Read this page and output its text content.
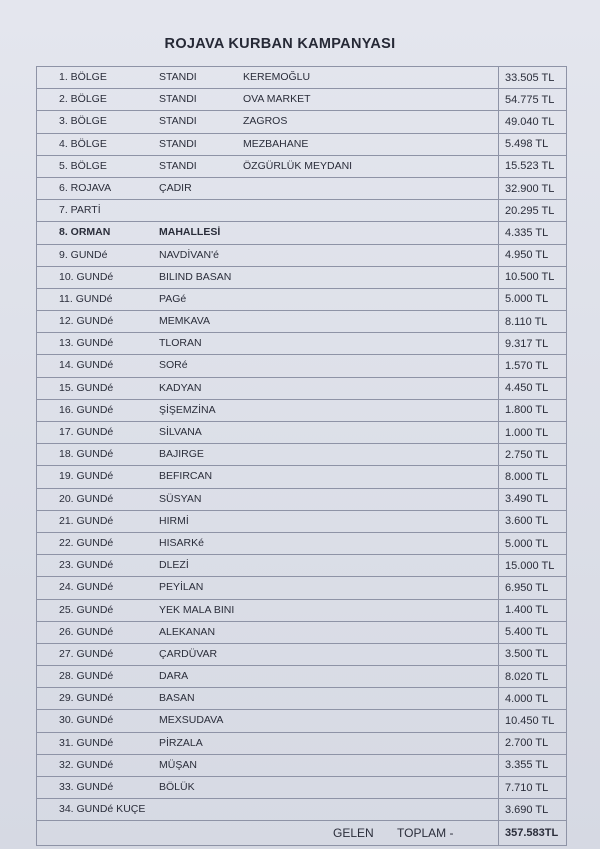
ROJAVA KURBAN KAMPANYASI
1. BÖLGE STANDI KEREMOĞLU	33.505 TL

2. BÖLGE STANDI OVA MARKET	54.775 TL

3. BÖLGE STANDI ZAGROS	49.040 TL

4. BÖLGE STANDI MEZBAHANE	5.498 TL

5. BÖLGE STANDI ÖZGÜRLÜK MEYDANI	15.523 TL

6. ROJAVA ÇADIR	32.900 TL

7. PARTİ	20.295 TL

8. ORMAN MAHALLESİ	4.335 TL

9. GUNDé NAVDİVAN'é	4.950 TL

10. GUNDé BILIND BASAN	10.500 TL

11. GUNDé PAGé	5.000 TL

12. GUNDé MEMKAVA	8.110 TL

13. GUNDé TLORAN	9.317 TL

14. GUNDé SORé	1.570 TL

15. GUNDé KADYAN	4.450 TL

16. GUNDé ŞİŞEMZİNA	1.800 TL

17. GUNDé SİLVANA	1.000 TL

18. GUNDé BAJIRGE	2.750 TL

19. GUNDé BEFIRCAN	8.000 TL

20. GUNDé SÜSYAN	3.490 TL

21. GUNDé HIRMİ	3.600 TL

22. GUNDé HISARKé	5.000 TL

23. GUNDé DLEZİ	15.000 TL

24. GUNDé PEYİLAN	6.950 TL

25. GUNDé YEK MALA BINI	1.400 TL

26. GUNDé ALEKANAN	5.400 TL

27. GUNDé ÇARDÜVAR	3.500 TL

28. GUNDé DARA	8.020 TL

29. GUNDé BASAN	4.000 TL

30. GUNDé MEXSUDAVA	10.450 TL

31. GUNDé PİRZALA	2.700 TL

32. GUNDé MÜŞAN	3.355 TL

33. GUNDé BÖLÜK	7.710 TL

34. GUNDé KUÇE	3.690 TL

GELEN TOPLAM -	357.583TL
